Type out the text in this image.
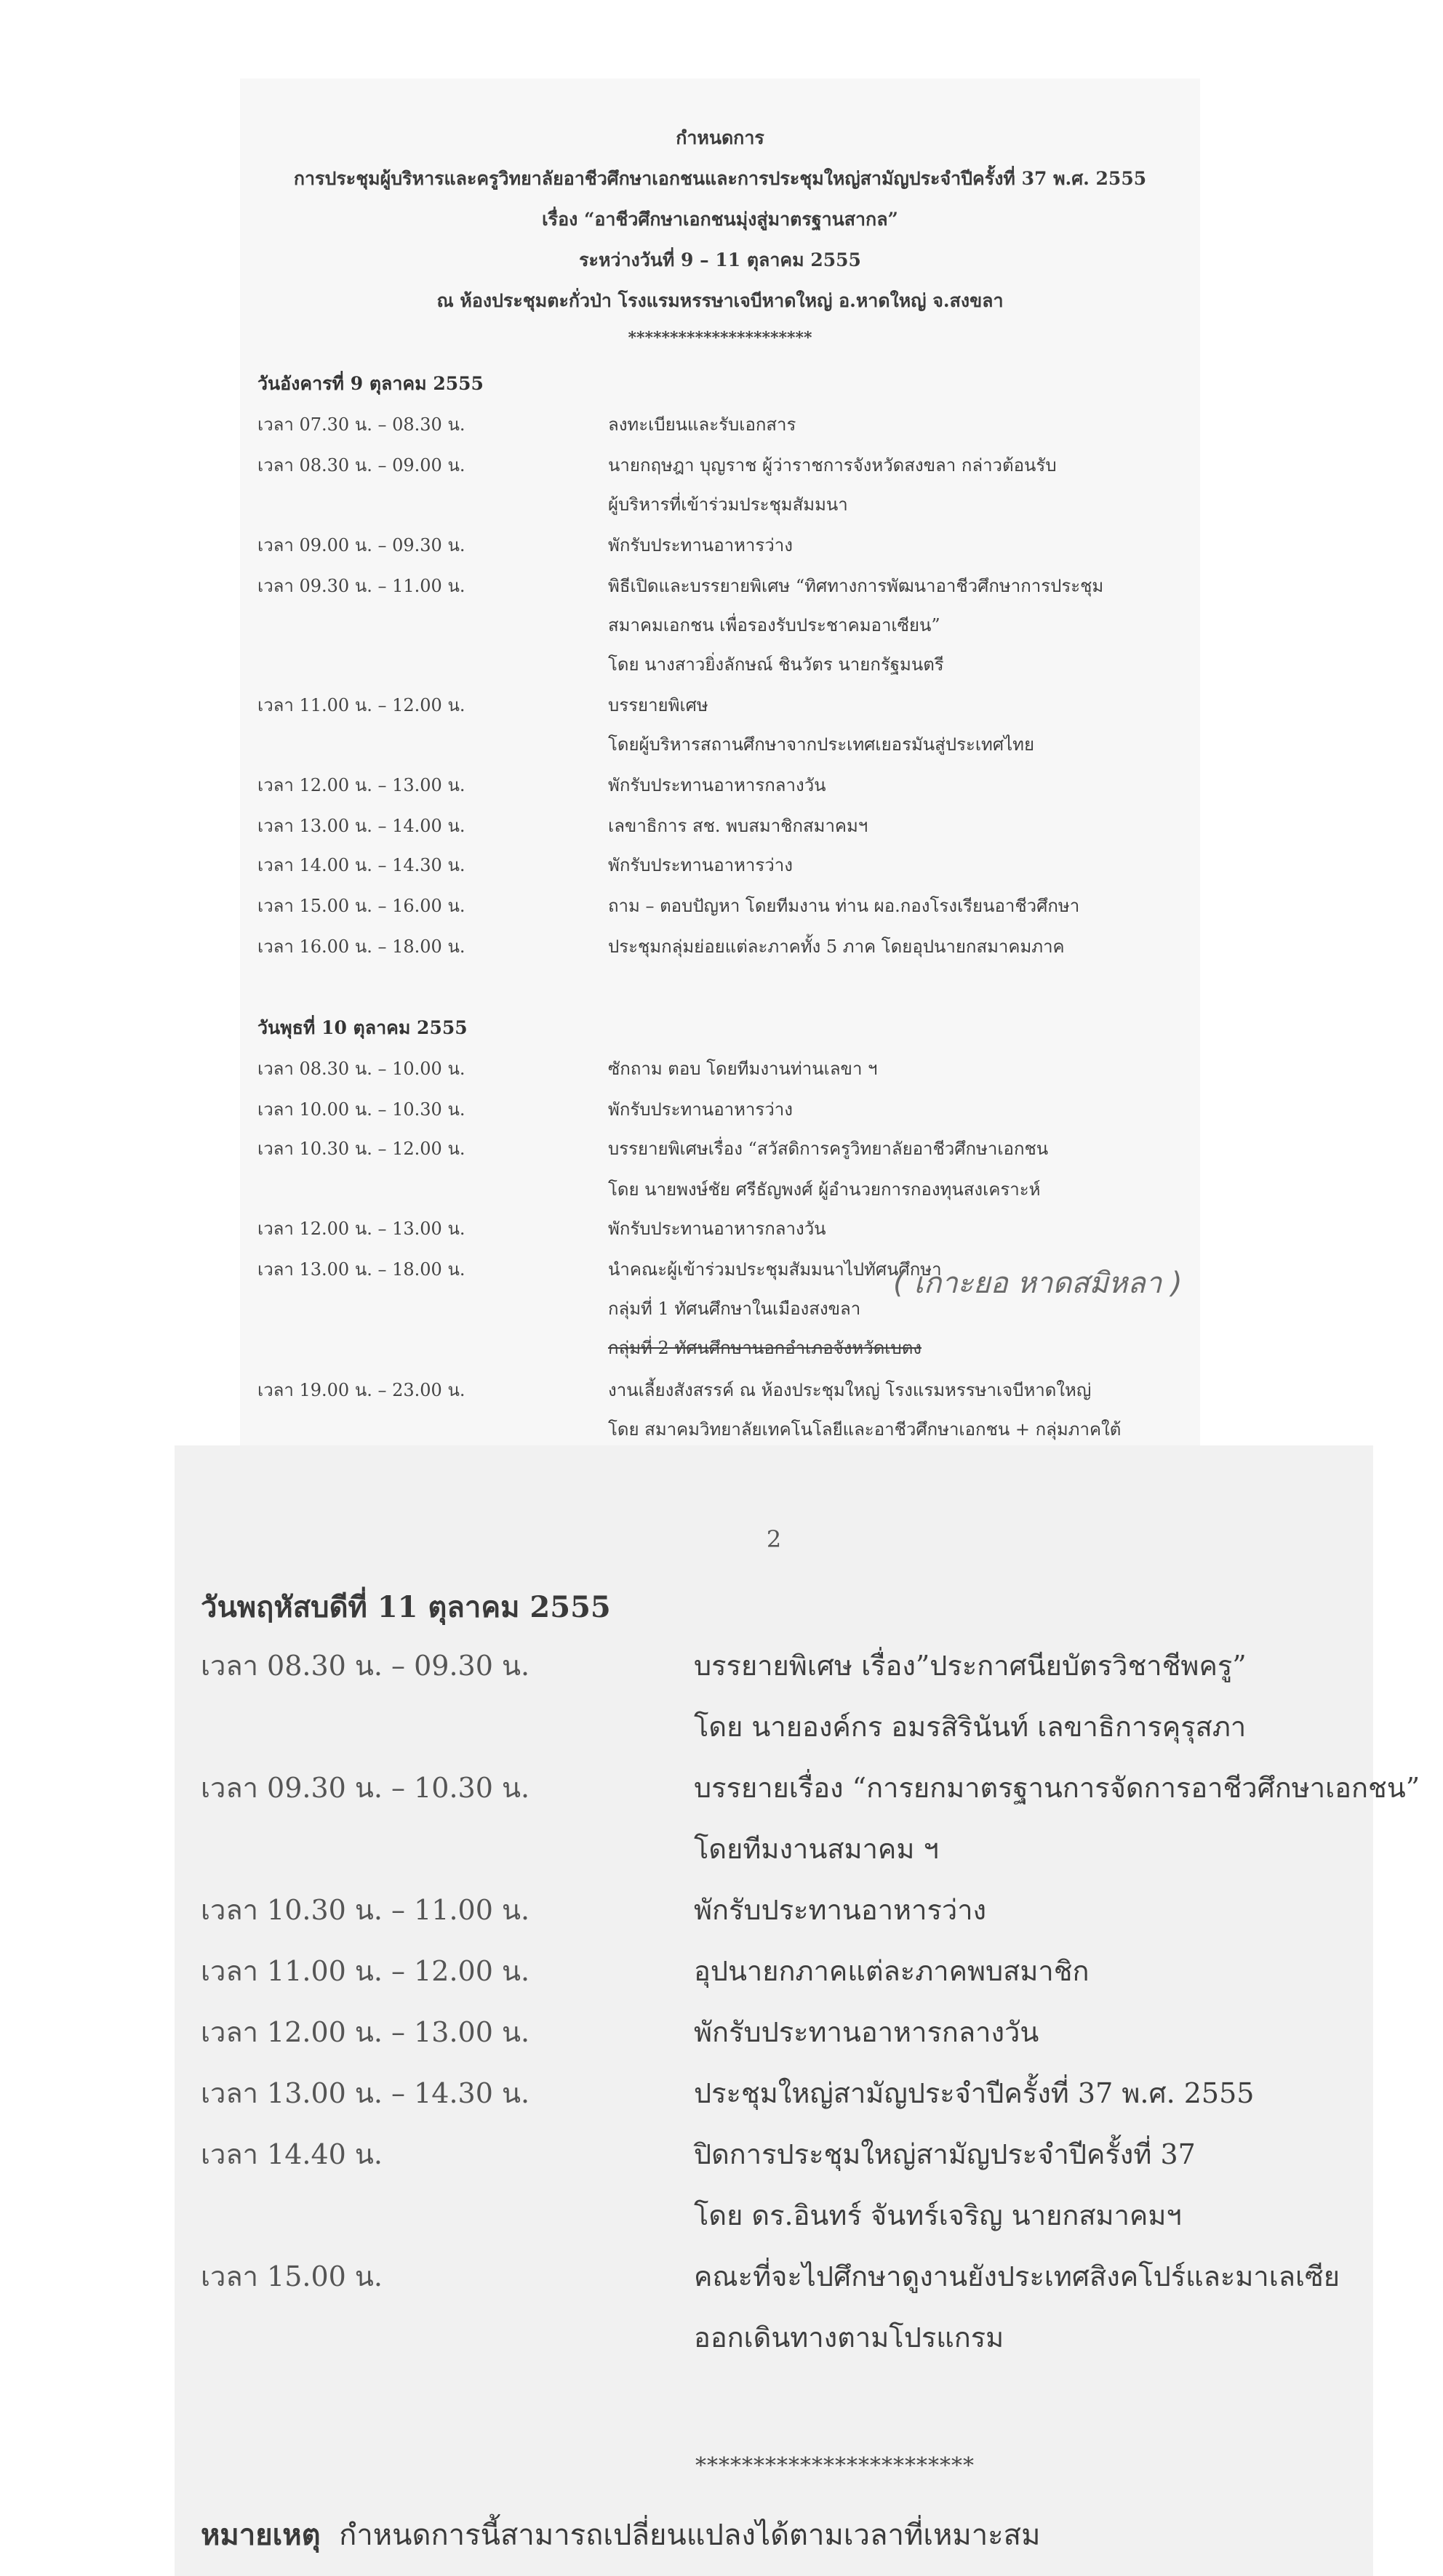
กำหนดการ
การประชุมผู้บริหารและครูวิทยาลัยอาชีวศึกษาเอกชนและการประชุมใหญ่สามัญประจำปีครั้งที่ 37 พ.ศ. 2555
เรื่อง “อาชีวศึกษาเอกชนมุ่งสู่มาตรฐานสากล”
ระหว่างวันที่ 9 – 11 ตุลาคม 2555
ณ ห้องประชุมตะกั่วป่า โรงแรมหรรษาเจบีหาดใหญ่ อ.หาดใหญ่ จ.สงขลา
**********************
วันอังคารที่ 9 ตุลาคม 2555
เวลา 07.30 น. – 08.30 น.	ลงทะเบียนและรับเอกสาร
เวลา 08.30 น. – 09.00 น.	นายกฤษฎา บุญราช ผู้ว่าราชการจังหวัดสงขลา กล่าวต้อนรับ
ผู้บริหารที่เข้าร่วมประชุมสัมมนา
เวลา 09.00 น. – 09.30 น.	พักรับประทานอาหารว่าง
เวลา 09.30 น. – 11.00 น.	พิธีเปิดและบรรยายพิเศษ “ทิศทางการพัฒนาอาชีวศึกษาการประชุม
สมาคมเอกชน เพื่อรองรับประชาคมอาเซียน”
โดย นางสาวยิ่งลักษณ์ ชินวัตร นายกรัฐมนตรี
เวลา 11.00 น. – 12.00 น.	บรรยายพิเศษ
โดยผู้บริหารสถานศึกษาจากประเทศเยอรมันสู่ประเทศไทย
เวลา 12.00 น. – 13.00 น.	พักรับประทานอาหารกลางวัน
เวลา 13.00 น. – 14.00 น.	เลขาธิการ สช. พบสมาชิกสมาคมฯ
เวลา 14.00 น. – 14.30 น.	พักรับประทานอาหารว่าง
เวลา 15.00 น. – 16.00 น.	ถาม – ตอบปัญหา โดยทีมงาน ท่าน ผอ.กองโรงเรียนอาชีวศึกษา
เวลา 16.00 น. – 18.00 น.	ประชุมกลุ่มย่อยแต่ละภาคทั้ง 5 ภาค โดยอุปนายกสมาคมภาค
วันพุธที่ 10 ตุลาคม 2555
เวลา 08.30 น. – 10.00 น.	ซักถาม ตอบ โดยทีมงานท่านเลขา ฯ
เวลา 10.00 น. – 10.30 น.	พักรับประทานอาหารว่าง
เวลา 10.30 น. – 12.00 น.	บรรยายพิเศษเรื่อง “สวัสดิการครูวิทยาลัยอาชีวศึกษาเอกชน
โดย นายพงษ์ชัย ศรีธัญพงศ์ ผู้อำนวยการกองทุนสงเคราะห์
เวลา 12.00 น. – 13.00 น.	พักรับประทานอาหารกลางวัน
เวลา 13.00 น. – 18.00 น.	นำคณะผู้เข้าร่วมประชุมสัมมนาไปทัศนศึกษา
กลุ่มที่ 1 ทัศนศึกษาในเมืองสงขลา
( เกาะยอ หาดสมิหลา )
กลุ่มที่ 2 ทัศนศึกษานอกอำเภอจังหวัดเบตง
เวลา 19.00 น. – 23.00 น.	งานเลี้ยงสังสรรค์ ณ ห้องประชุมใหญ่ โรงแรมหรรษาเจบีหาดใหญ่
โดย สมาคมวิทยาลัยเทคโนโลยีและอาชีวศึกษาเอกชน + กลุ่มภาคใต้
2
วันพฤหัสบดีที่ 11 ตุลาคม 2555
เวลา 08.30 น. – 09.30 น.	บรรยายพิเศษ เรื่อง”ประกาศนียบัตรวิชาชีพครู”
โดย นายองค์กร อมรสิรินันท์ เลขาธิการคุรุสภา
เวลา 09.30 น. – 10.30 น.	บรรยายเรื่อง “การยกมาตรฐานการจัดการอาชีวศึกษาเอกชน”
โดยทีมงานสมาคม ฯ
เวลา 10.30 น. – 11.00 น.	พักรับประทานอาหารว่าง
เวลา 11.00 น. – 12.00 น.	อุปนายกภาคแต่ละภาคพบสมาชิก
เวลา 12.00 น. – 13.00 น.	พักรับประทานอาหารกลางวัน
เวลา 13.00 น. – 14.30 น.	ประชุมใหญ่สามัญประจำปีครั้งที่ 37 พ.ศ. 2555
เวลา 14.40 น.	ปิดการประชุมใหญ่สามัญประจำปีครั้งที่ 37
โดย ดร.อินทร์ จันทร์เจริญ นายกสมาคมฯ
เวลา 15.00 น.	คณะที่จะไปศึกษาดูงานยังประเทศสิงคโปร์และมาเลเซีย
ออกเดินทางตามโปรแกรม
************************
หมายเหตุ กำหนดการนี้สามารถเปลี่ยนแปลงได้ตามเวลาที่เหมาะสม
